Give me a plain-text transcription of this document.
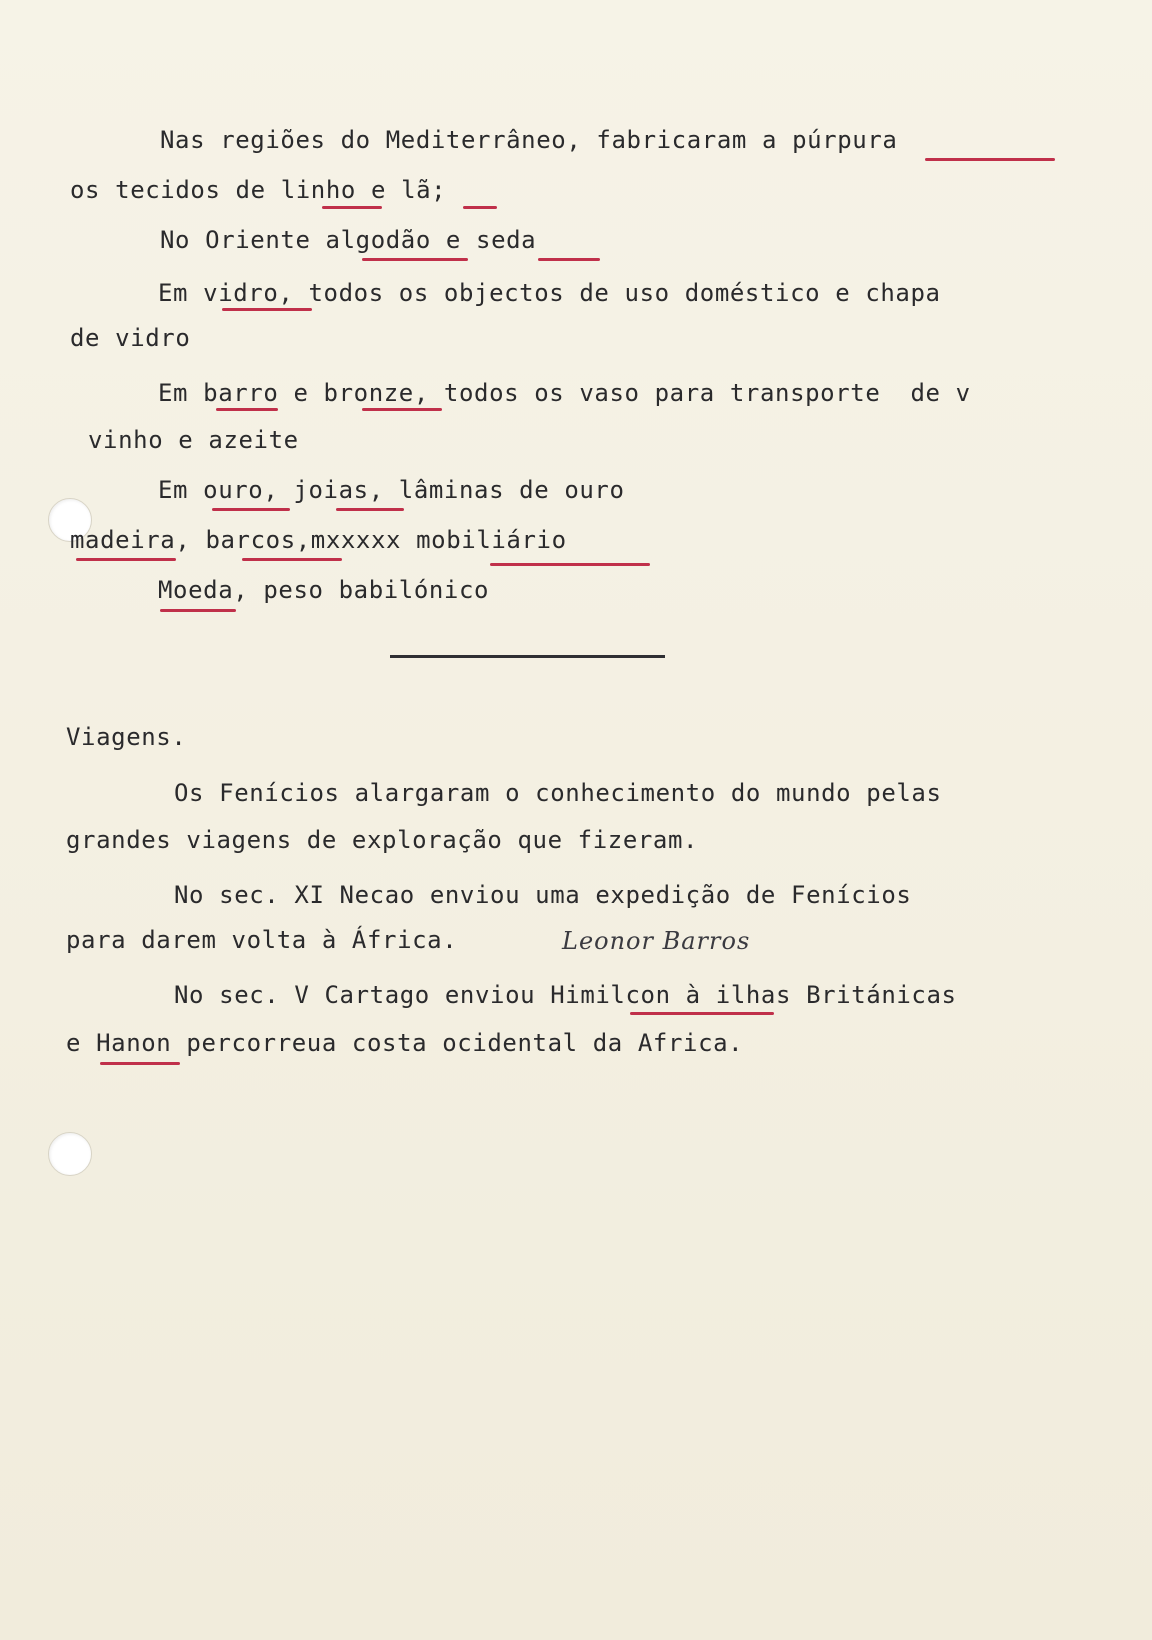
Nas regiões do Mediterrâneo, fabricaram a púrpura
os tecidos de linho e lã;
No Oriente algodão e seda
Em vidro, todos os objectos de uso doméstico e chapa
de vidro
Em barro e bronze, todos os vaso para transporte  de v
vinho e azeite
Em ouro, joias, lâminas de ouro
madeira, barcos,mxxxxx mobiliário
Moeda, peso babilónico
Viagens.
Os Fenícios alargaram o conhecimento do mundo pelas
grandes viagens de exploração que fizeram.
No sec. XI Necao enviou uma expedição de Fenícios
para darem volta à África.	Leonor Barros
No sec. V Cartago enviou Himilcon à ilhas Británicas
e Hanon percorreua costa ocidental da Africa.
